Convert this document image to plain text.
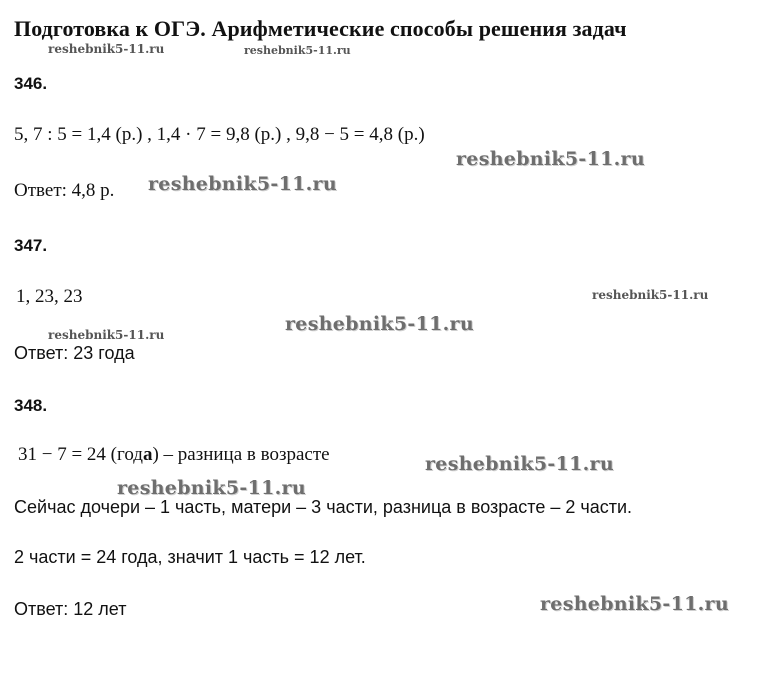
Подготовка к ОГЭ. Арифметические способы решения задач
reshebnik5-11.ru	reshebnik5-11.ru
346.
5, 7 : 5 = 1,4 (р.) , 1,4 · 7 = 9,8 (р.) , 9,8 − 5 = 4,8 (р.)
reshebnik5-11.ru
Ответ: 4,8 р. reshebnik5-11.ru
347.
1, 23, 23	reshebnik5-11.ru
reshebnik5-11.ru
reshebnik5-11.ru
Ответ: 23 года
348.
31 − 7 = 24 (года) – разница в возрасте	reshebnik5-11.ru
reshebnik5-11.ru
Сейчас дочери – 1 часть, матери – 3 части, разница в возрасте – 2 части.
2 части = 24 года, значит 1 часть = 12 лет.
Ответ: 12 лет	reshebnik5-11.ru
